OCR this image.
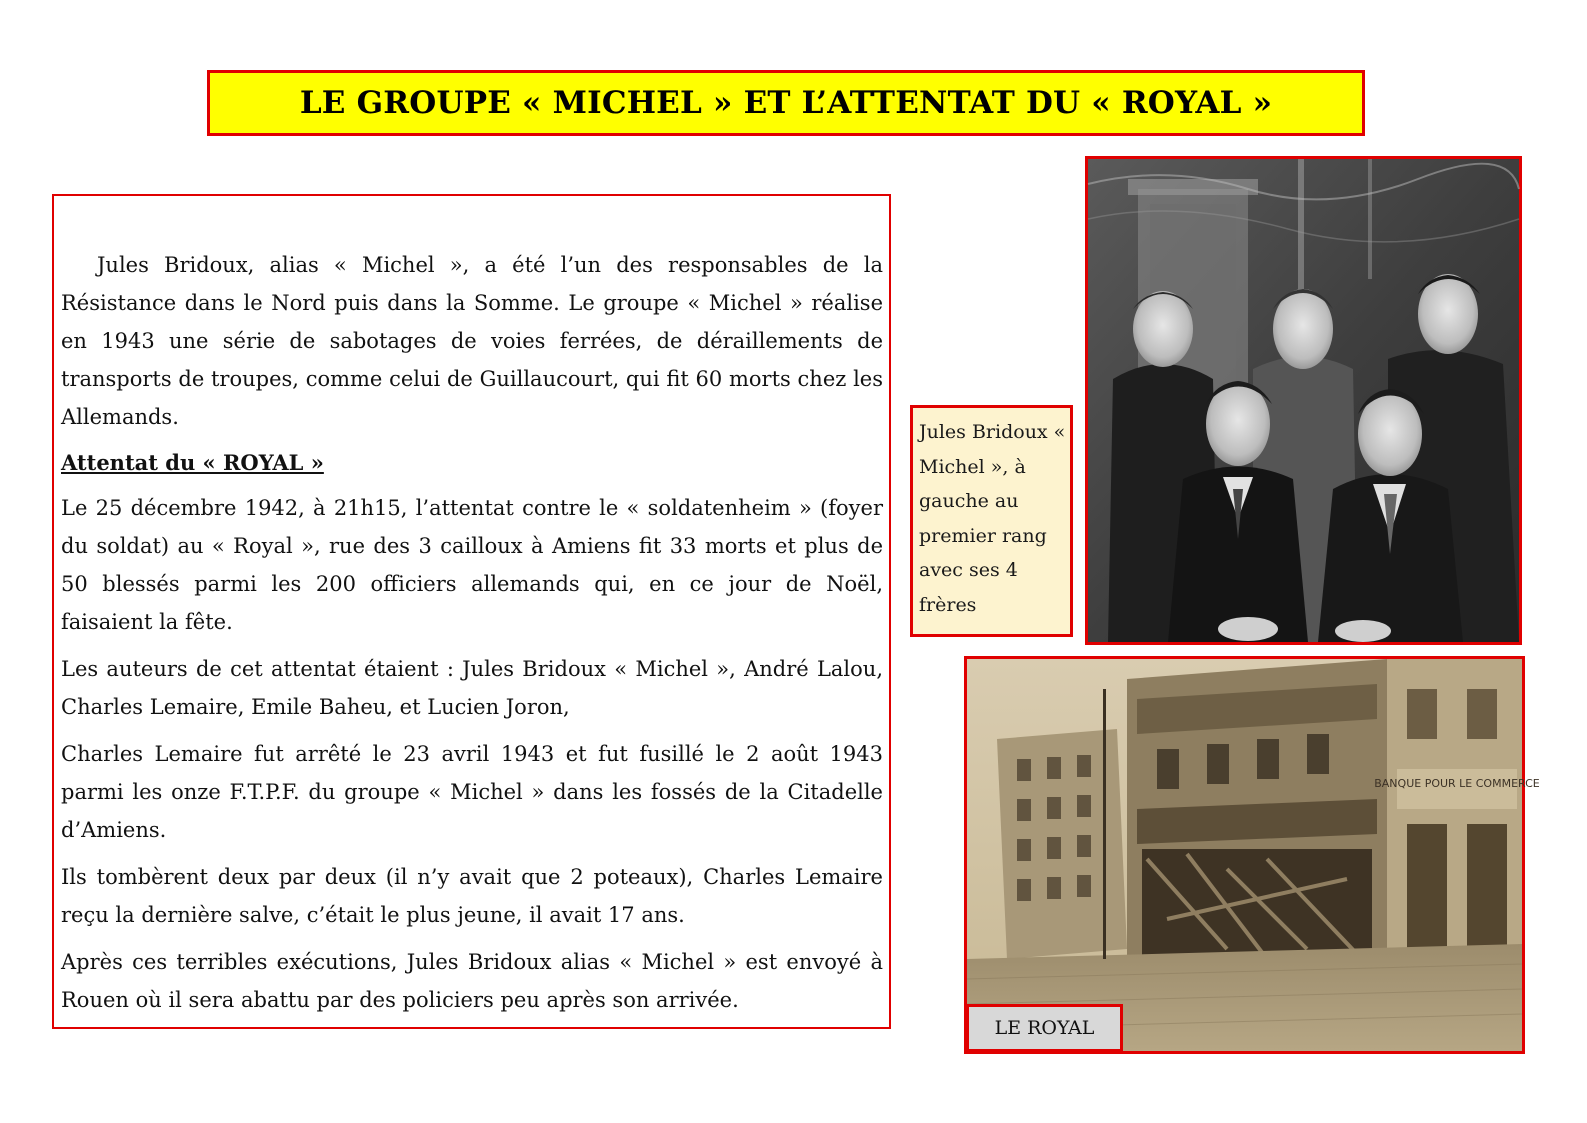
LE GROUPE « MICHEL » ET L’ATTENTAT DU « ROYAL »

Jules Bridoux, alias « Michel », a été l’un des responsables de la Résistance dans le Nord puis dans la Somme. Le groupe « Michel » réalise en 1943 une série de sabotages de voies ferrées, de déraillements de transports de troupes, comme celui de Guillaucourt, qui fit 60 morts chez les Allemands.

Attentat du « ROYAL »

Le 25 décembre 1942, à 21h15, l’attentat contre le « soldatenheim » (foyer du soldat) au « Royal », rue des 3 cailloux à Amiens fit 33 morts et plus de 50 blessés parmi les 200 officiers allemands qui, en ce jour de Noël, faisaient la fête.

Les auteurs de cet attentat étaient : Jules Bridoux « Michel », André Lalou, Charles Lemaire, Emile Baheu, et Lucien Joron,

Charles Lemaire fut arrêté le 23 avril 1943 et fut fusillé le 2 août 1943 parmi les onze F.T.P.F. du groupe « Michel » dans les fossés de la Citadelle d’Amiens.

Ils tombèrent deux par deux (il n’y avait que 2 poteaux), Charles Lemaire reçu la dernière salve, c’était le plus jeune, il avait 17 ans.

Après ces terribles exécutions, Jules Bridoux alias « Michel » est envoyé à Rouen où il sera abattu par des policiers peu après son arrivée.

Jules Bridoux « Michel », à gauche au premier rang avec ses 4 frères
BANQUE POUR LE COMMERCE
LE ROYAL
